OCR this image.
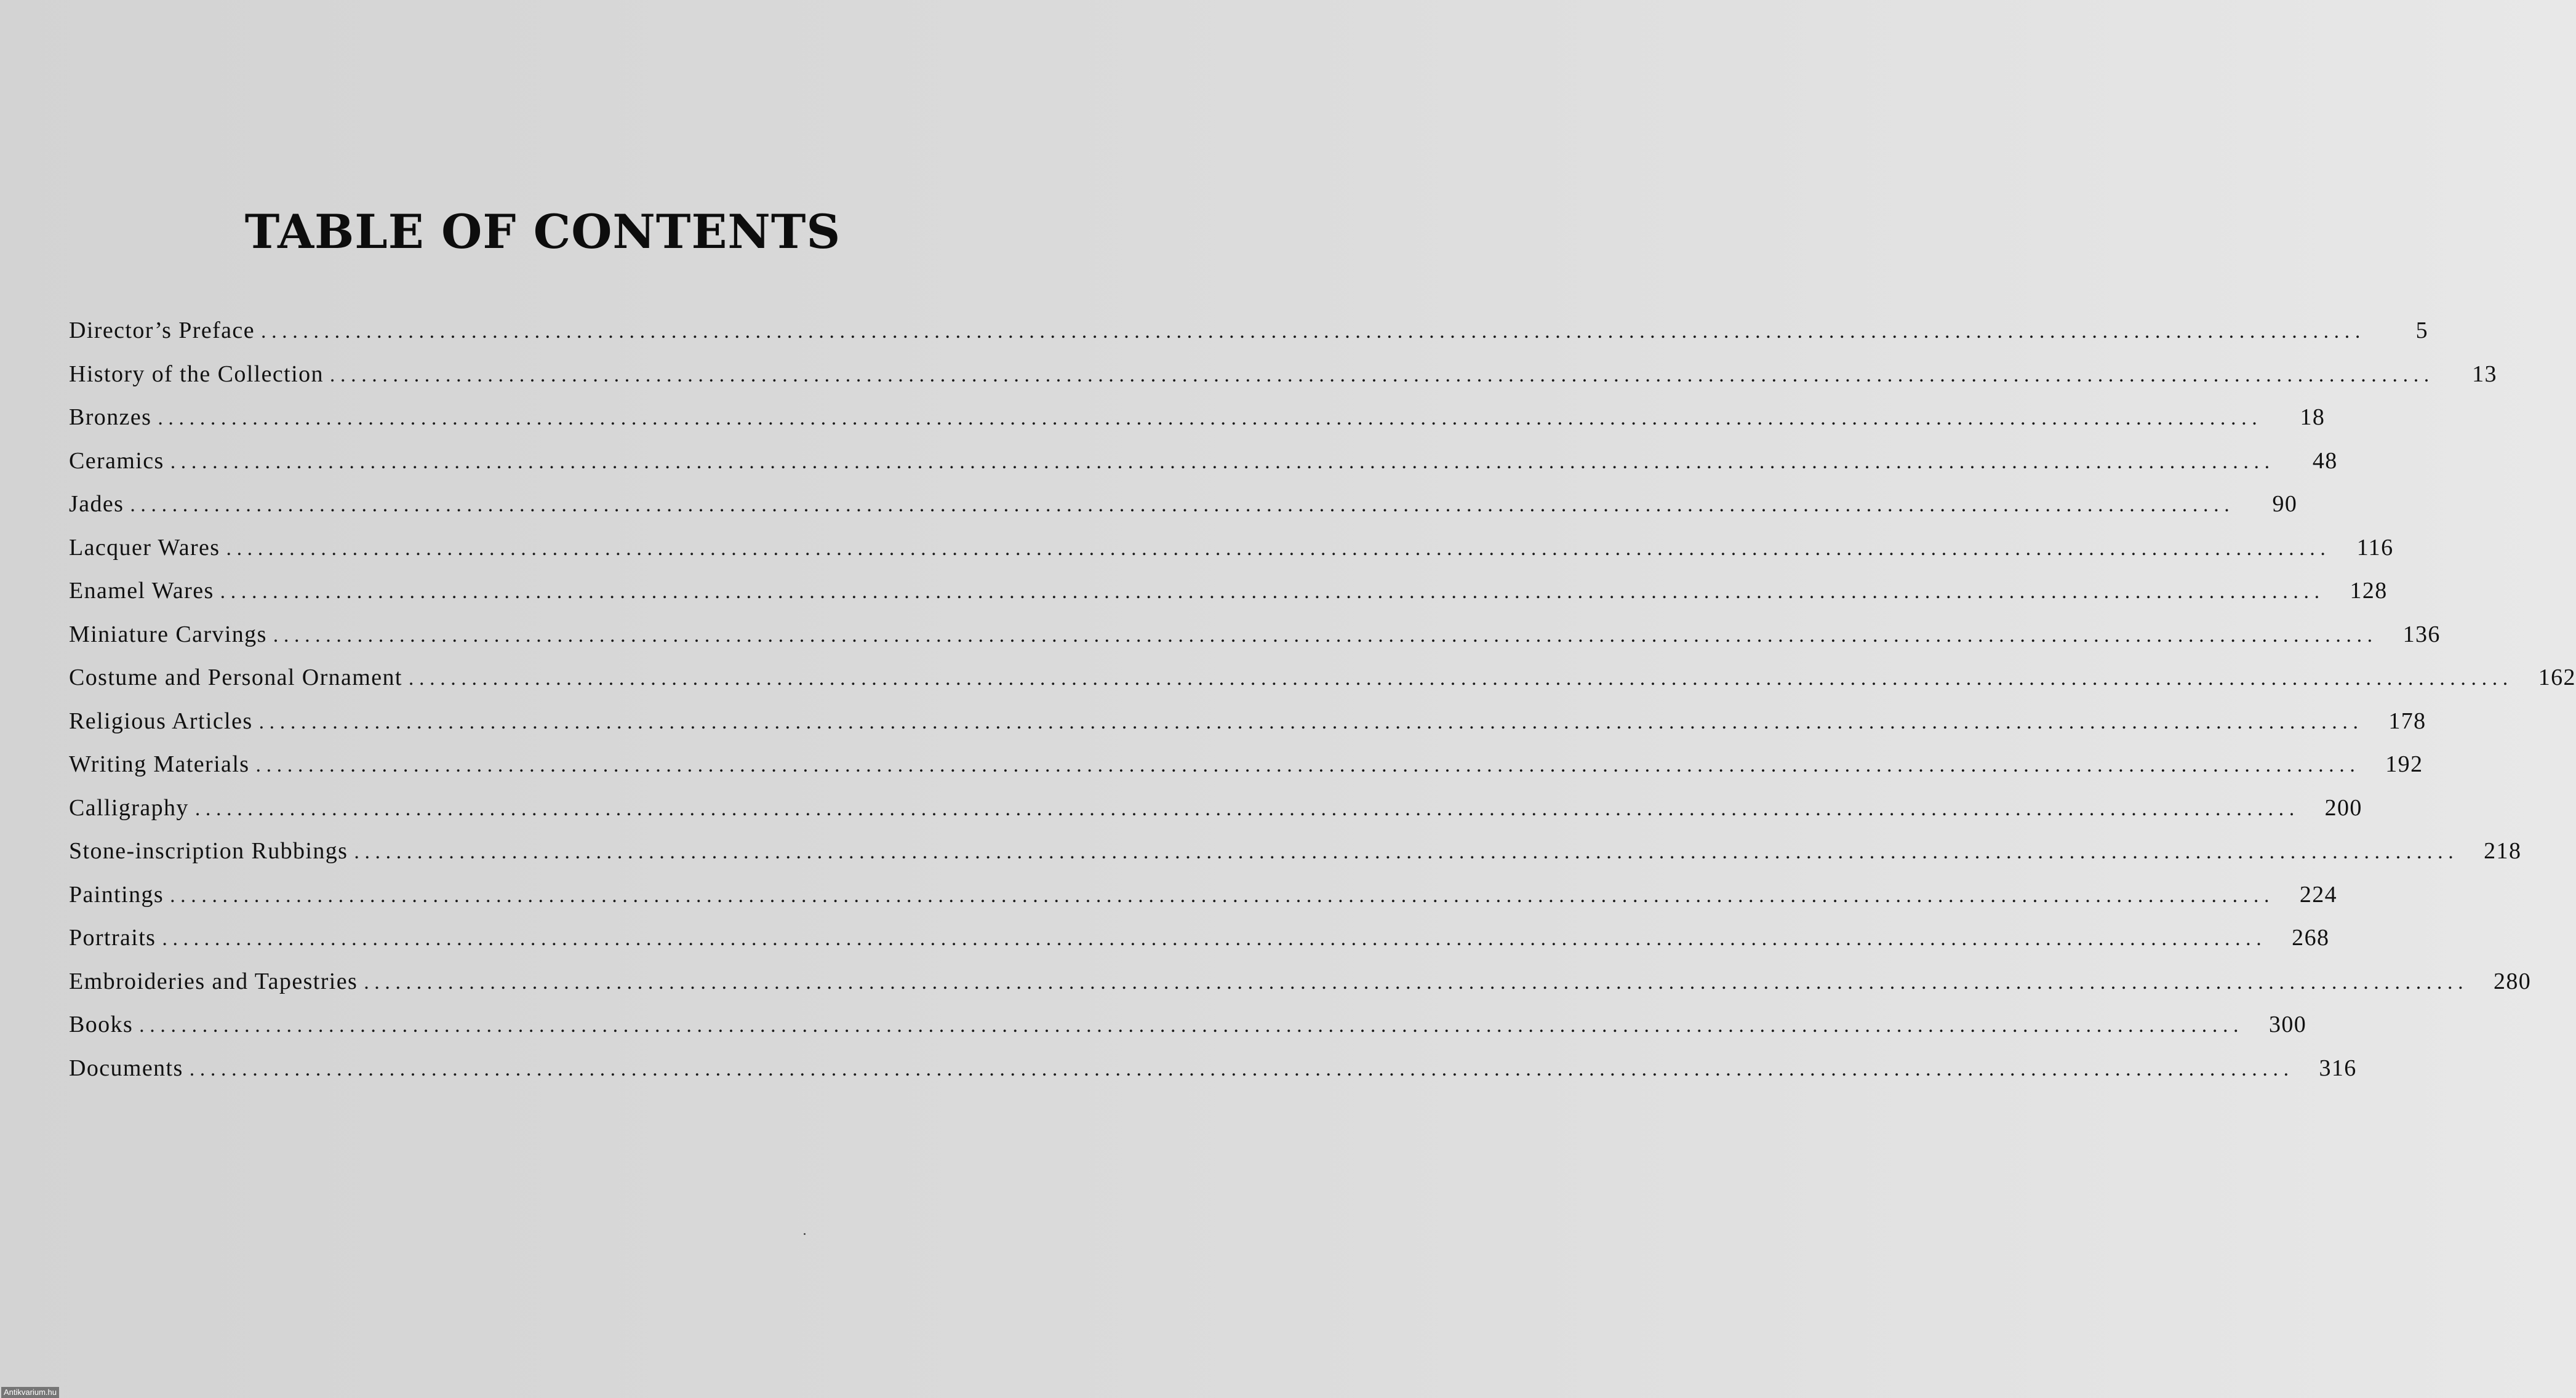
TABLE OF CONTENTS
Director’s Preface ........................................................................................................................................................................................................	5
History of the Collection ........................................................................................................................................................................................................	13
Bronzes ........................................................................................................................................................................................................	18
Ceramics ........................................................................................................................................................................................................	48
Jades ........................................................................................................................................................................................................	90
Lacquer Wares ........................................................................................................................................................................................................	116
Enamel Wares ........................................................................................................................................................................................................	128
Miniature Carvings ........................................................................................................................................................................................................	136
Costume and Personal Ornament ........................................................................................................................................................................................................	162
Religious Articles ........................................................................................................................................................................................................	178
Writing Materials ........................................................................................................................................................................................................	192
Calligraphy ........................................................................................................................................................................................................	200
Stone-inscription Rubbings ........................................................................................................................................................................................................	218
Paintings ........................................................................................................................................................................................................	224
Portraits ........................................................................................................................................................................................................	268
Embroideries and Tapestries ........................................................................................................................................................................................................	280
Books ........................................................................................................................................................................................................	300
Documents ........................................................................................................................................................................................................	316
Antikvarium.hu
